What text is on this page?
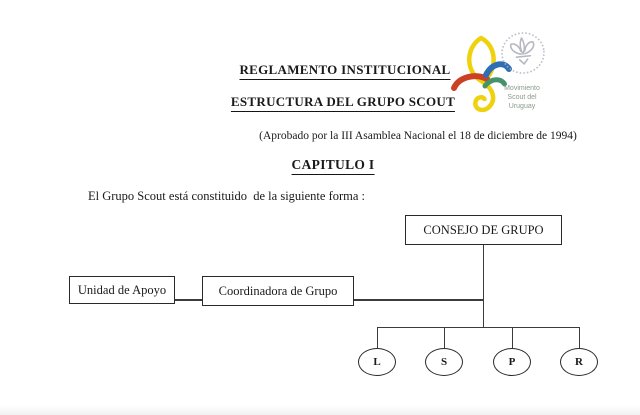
REGLAMENTO INSTITUCIONAL
ESTRUCTURA DEL GRUPO SCOUT
(Aprobado por la III Asamblea Nacional el 18 de diciembre de 1994)
CAPITULO I
El Grupo Scout está constituido  de la siguiente forma :
Movimiento
Scout del
Uruguay
CONSEJO DE GRUPO
Unidad de Apoyo	Coordinadora de Grupo
L	S	P	R
